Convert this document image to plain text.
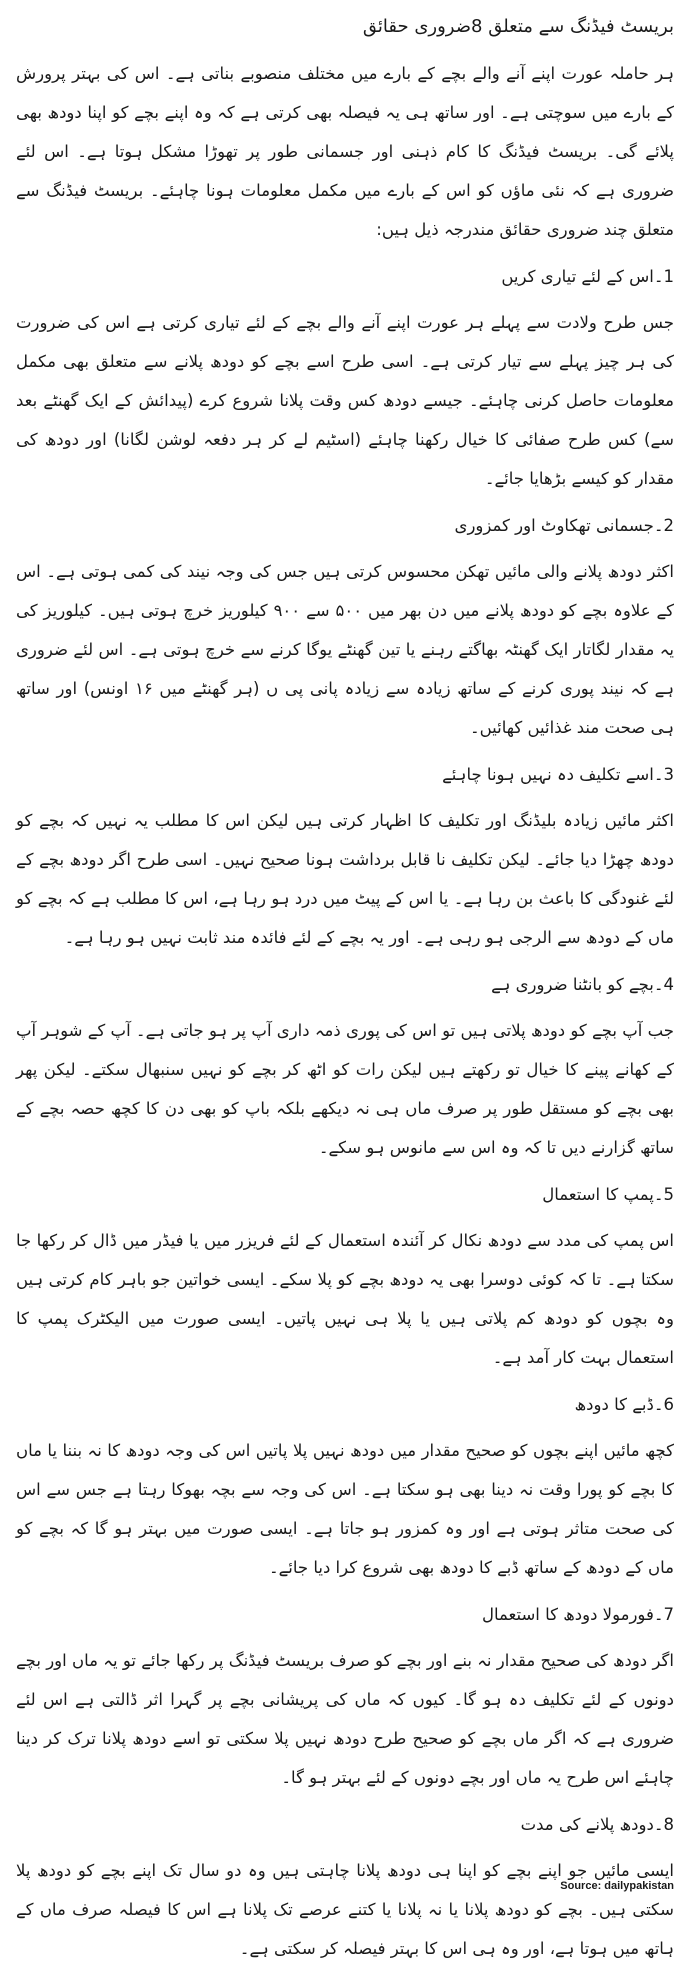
بریسٹ فیڈنگ سے متعلق 8ضروری حقائق

ہر حاملہ عورت اپنے آنے والے بچے کے بارے میں مختلف منصوبے بناتی ہے۔ اس کی بہتر پرورش کے بارے میں سوچتی ہے۔ اور ساتھ ہی یہ فیصلہ بھی کرتی ہے کہ وہ اپنے بچے کو اپنا دودھ بھی پلائے گی۔ بریسٹ فیڈنگ کا کام ذہنی اور جسمانی طور پر تھوڑا مشکل ہوتا ہے۔ اس لئے ضروری ہے کہ نئی ماؤں کو اس کے بارے میں مکمل معلومات ہونا چاہئے۔ بریسٹ فیڈنگ سے متعلق چند ضروری حقائق مندرجہ ذیل ہیں:

1۔اس کے لئے تیاری کریں

جس طرح ولادت سے پہلے ہر عورت اپنے آنے والے بچے کے لئے تیاری کرتی ہے اس کی ضرورت کی ہر چیز پہلے سے تیار کرتی ہے۔ اسی طرح اسے بچے کو دودھ پلانے سے متعلق بھی مکمل معلومات حاصل کرنی چاہئے۔ جیسے دودھ کس وقت پلانا شروع کرے (پیدائش کے ایک گھنٹے بعد سے) کس طرح صفائی کا خیال رکھنا چاہئے (اسٹیم لے کر ہر دفعہ لوشن لگانا) اور دودھ کی مقدار کو کیسے بڑھایا جائے۔

2۔جسمانی تھکاوٹ اور کمزوری

اکثر دودھ پلانے والی مائیں تھکن محسوس کرتی ہیں جس کی وجہ نیند کی کمی ہوتی ہے۔ اس کے علاوہ بچے کو دودھ پلانے میں دن بھر میں ۵۰۰ سے ۹۰۰ کیلوریز خرچ ہوتی ہیں۔ کیلوریز کی یہ مقدار لگاتار ایک گھنٹہ بھاگتے رہنے یا تین گھنٹے یوگا کرنے سے خرچ ہوتی ہے۔ اس لئے ضروری ہے کہ نیند پوری کرنے کے ساتھ زیادہ سے زیادہ پانی پی ں (ہر گھنٹے میں ۱۶ اونس) اور ساتھ ہی صحت مند غذائیں کھائیں۔

3۔اسے تکلیف دہ نہیں ہونا چاہئے

اکثر مائیں زیادہ بلیڈنگ اور تکلیف کا اظہار کرتی ہیں لیکن اس کا مطلب یہ نہیں کہ بچے کو دودھ چھڑا دیا جائے۔ لیکن تکلیف نا قابل برداشت ہونا صحیح نہیں۔ اسی طرح اگر دودھ بچے کے لئے غنودگی کا باعث بن رہا ہے۔ یا اس کے پیٹ میں درد ہو رہا ہے، اس کا مطلب ہے کہ بچے کو ماں کے دودھ سے الرجی ہو رہی ہے۔ اور یہ بچے کے لئے فائدہ مند ثابت نہیں ہو رہا ہے۔

4۔بچے کو بانٹنا ضروری ہے

جب آپ بچے کو دودھ پلاتی ہیں تو اس کی پوری ذمہ داری آپ پر ہو جاتی ہے۔ آپ کے شوہر آپ کے کھانے پینے کا خیال تو رکھتے ہیں لیکن رات کو اٹھ کر بچے کو نہیں سنبھال سکتے۔ لیکن پھر بھی بچے کو مستقل طور پر صرف ماں ہی نہ دیکھے بلکہ باپ کو بھی دن کا کچھ حصہ بچے کے ساتھ گزارنے دیں تا کہ وہ اس سے مانوس ہو سکے۔

5۔پمپ کا استعمال

اس پمپ کی مدد سے دودھ نکال کر آئندہ استعمال کے لئے فریزر میں یا فیڈر میں ڈال کر رکھا جا سکتا ہے۔ تا کہ کوئی دوسرا بھی یہ دودھ بچے کو پلا سکے۔ ایسی خواتین جو باہر کام کرتی ہیں وہ بچوں کو دودھ کم پلاتی ہیں یا پلا ہی نہیں پاتیں۔ ایسی صورت میں الیکٹرک پمپ کا استعمال بہت کار آمد ہے۔

6۔ڈبے کا دودھ

کچھ مائیں اپنے بچوں کو صحیح مقدار میں دودھ نہیں پلا پاتیں اس کی وجہ دودھ کا نہ بننا یا ماں کا بچے کو پورا وقت نہ دینا بھی ہو سکتا ہے۔ اس کی وجہ سے بچہ بھوکا رہتا ہے جس سے اس کی صحت متاثر ہوتی ہے اور وہ کمزور ہو جاتا ہے۔ ایسی صورت میں بہتر ہو گا کہ بچے کو ماں کے دودھ کے ساتھ ڈبے کا دودھ بھی شروع کرا دیا جائے۔

7۔فورمولا دودھ کا استعمال

اگر دودھ کی صحیح مقدار نہ بنے اور بچے کو صرف بریسٹ فیڈنگ پر رکھا جائے تو یہ ماں اور بچے دونوں کے لئے تکلیف دہ ہو گا۔ کیوں کہ ماں کی پریشانی بچے پر گہرا اثر ڈالتی ہے اس لئے ضروری ہے کہ اگر ماں بچے کو صحیح طرح دودھ نہیں پلا سکتی تو اسے دودھ پلانا ترک کر دینا چاہئے اس طرح یہ ماں اور بچے دونوں کے لئے بہتر ہو گا۔

8۔دودھ پلانے کی مدت

ایسی مائیں جو اپنے بچے کو اپنا ہی دودھ پلانا چاہتی ہیں وہ دو سال تک اپنے بچے کو دودھ پلا سکتی ہیں۔ بچے کو دودھ پلانا یا نہ پلانا یا کتنے عرصے تک پلانا ہے اس کا فیصلہ صرف ماں کے ہاتھ میں ہوتا ہے، اور وہ ہی اس کا بہتر فیصلہ کر سکتی ہے۔

Source: dailypakistan
